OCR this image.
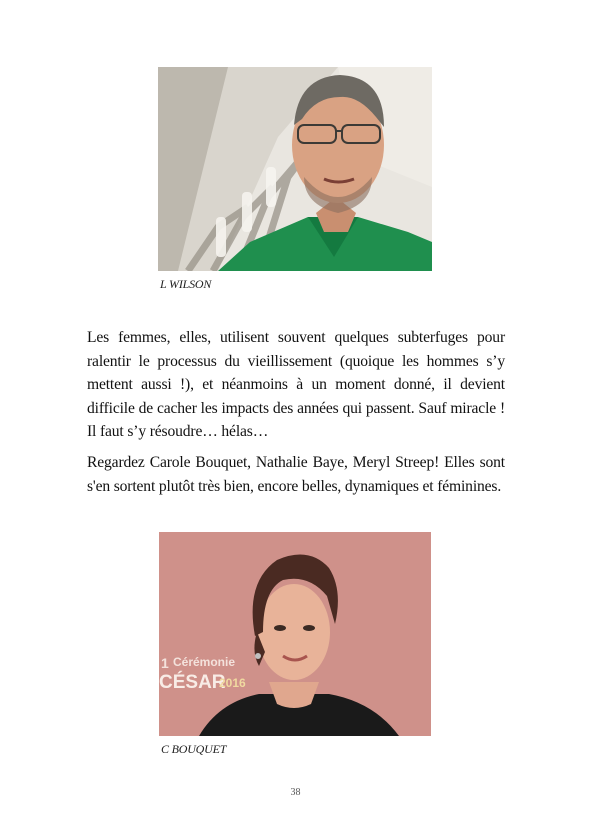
L WILSON

Les femmes, elles, utilisent souvent quelques subterfuges pour ralentir le processus du vieillissement (quoique les hommes s’y mettent aussi !), et néanmoins à un moment donné, il devient difficile de cacher les impacts des années qui passent. Sauf miracle ! Il faut s’y résoudre… hélas…

Regardez Carole Bouquet, Nathalie Baye, Meryl Streep! Elles sont s'en sortent plutôt très bien, encore belles, dynamiques et féminines.

1 Cérémonie
CÉSAR
2016
C BOUQUET
38
